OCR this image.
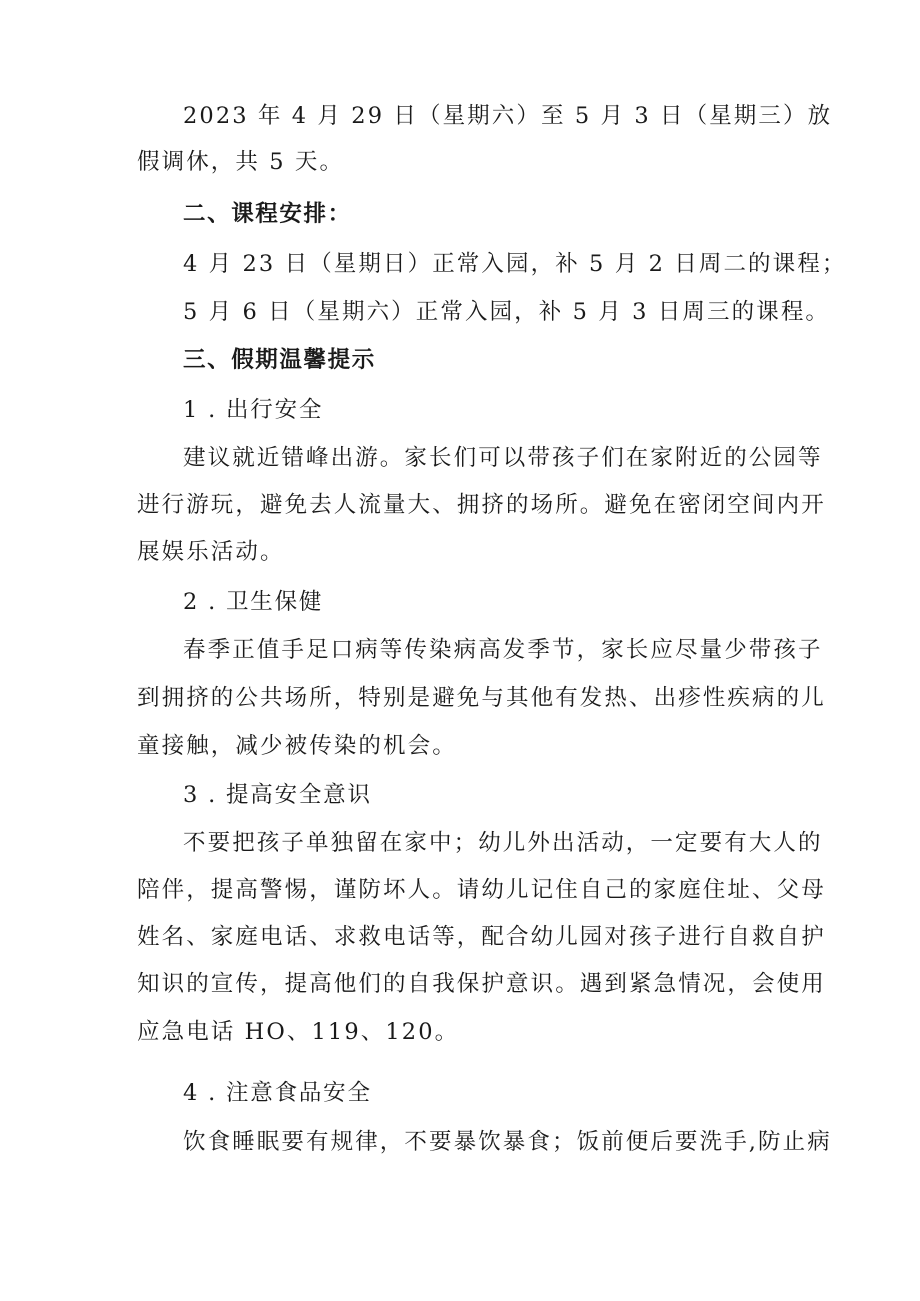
2023 年 4 月 29 日（星期六）至 5 月 3 日（星期三）放

假调休，共 5 天。

二、课程安排：

4 月 23 日（星期日）正常入园，补 5 月 2 日周二的课程；

5 月 6 日（星期六）正常入园，补 5 月 3 日周三的课程。

三、假期温馨提示

1 . 出行安全

建议就近错峰出游。家长们可以带孩子们在家附近的公园等

进行游玩，避免去人流量大、拥挤的场所。避免在密闭空间内开

展娱乐活动。

2 . 卫生保健

春季正值手足口病等传染病高发季节，家长应尽量少带孩子

到拥挤的公共场所，特别是避免与其他有发热、出疹性疾病的儿

童接触，减少被传染的机会。

3 . 提高安全意识

不要把孩子单独留在家中；幼儿外出活动，一定要有大人的

陪伴，提高警惕，谨防坏人。请幼儿记住自己的家庭住址、父母

姓名、家庭电话、求救电话等，配合幼儿园对孩子进行自救自护

知识的宣传，提高他们的自我保护意识。遇到紧急情况，会使用

应急电话 HO、119、120。

4 . 注意食品安全

饮食睡眠要有规律，不要暴饮暴食；饭前便后要洗手,防止病
